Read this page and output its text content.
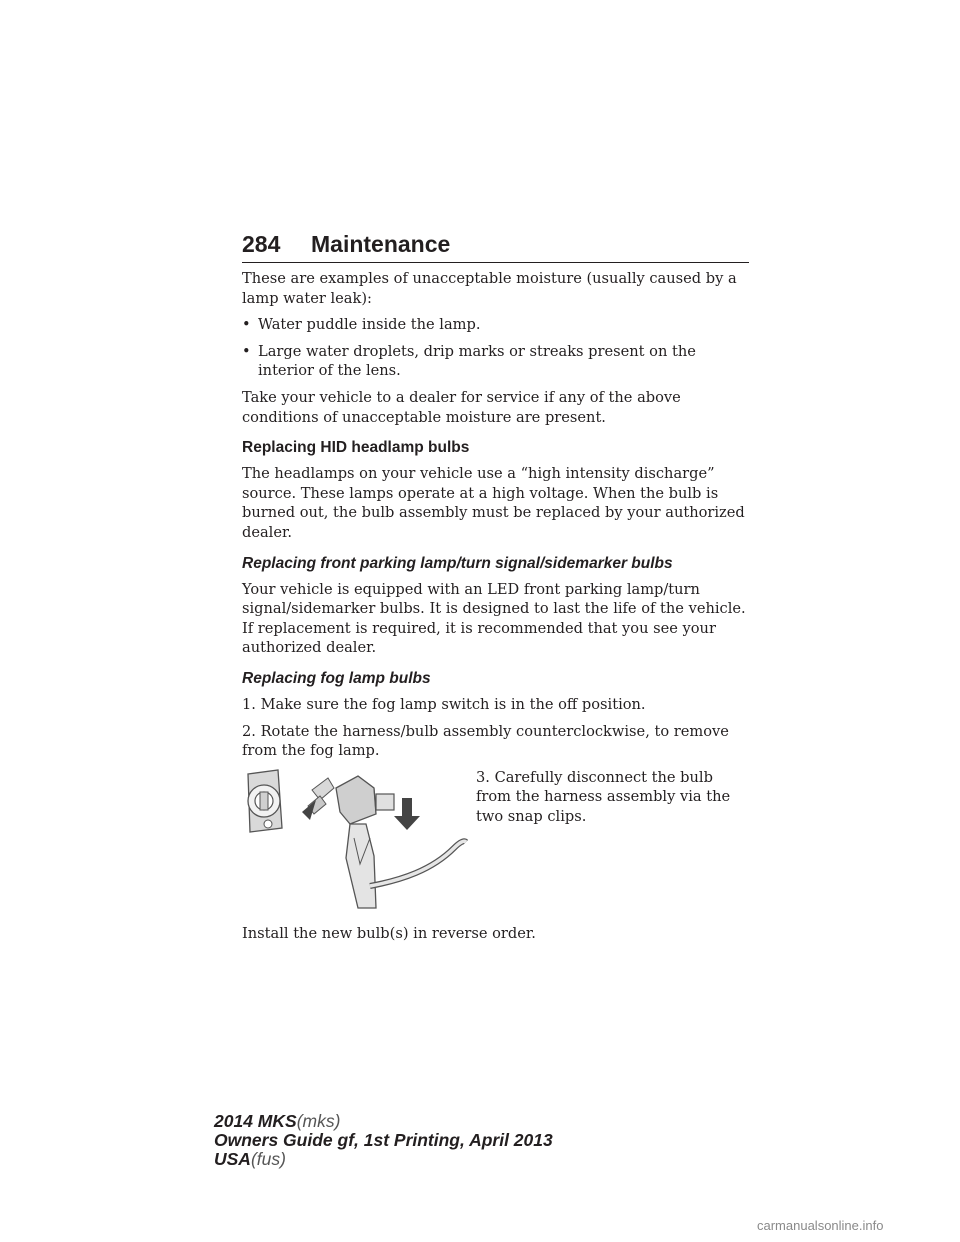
284 Maintenance

These are examples of unacceptable moisture (usually caused by a lamp water leak):

• Water puddle inside the lamp.
• Large water droplets, drip marks or streaks present on the interior of the lens.

Take your vehicle to a dealer for service if any of the above conditions of unacceptable moisture are present.

Replacing HID headlamp bulbs

The headlamps on your vehicle use a “high intensity discharge” source. These lamps operate at a high voltage. When the bulb is burned out, the bulb assembly must be replaced by your authorized dealer.

Replacing front parking lamp/turn signal/sidemarker bulbs

Your vehicle is equipped with an LED front parking lamp/turn signal/sidemarker bulbs. It is designed to last the life of the vehicle. If replacement is required, it is recommended that you see your authorized dealer.

Replacing fog lamp bulbs

1. Make sure the fog lamp switch is in the off position.

2. Rotate the harness/bulb assembly counterclockwise, to remove from the fog lamp.

3. Carefully disconnect the bulb from the harness assembly via the two snap clips.

Install the new bulb(s) in reverse order.

2014 MKS(mks)
Owners Guide gf, 1st Printing, April 2013
USA(fus)
carmanualsonline.info
